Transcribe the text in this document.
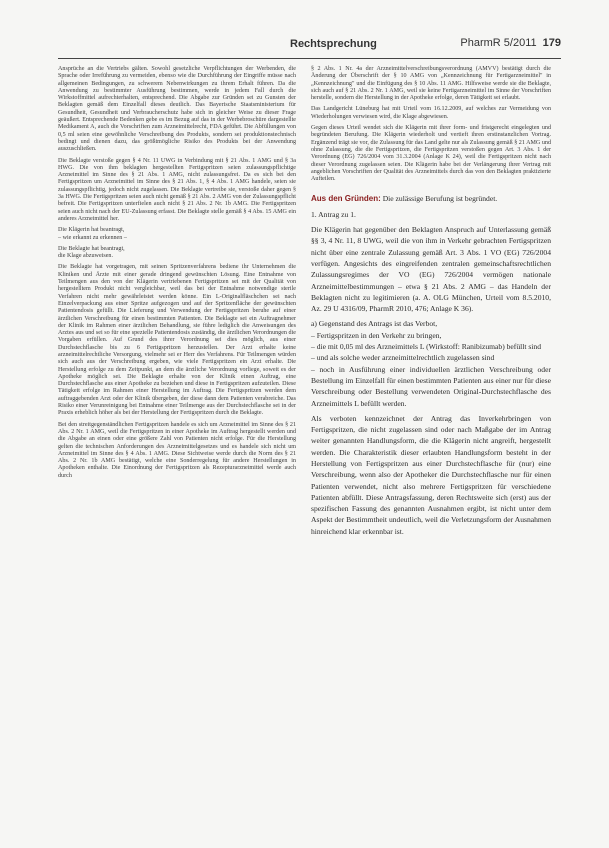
Rechtsprechung	PharmR 5/2011 179

Ansprüche an die Vertriebs gälten. Sowohl gesetzliche Verpflichtungen der Werbenden, die Sprache oder Irreführung zu vermeiden, ebenso wie die Durchführung der Eingriffe müsse nach allgemeinen Bedingungen, zu schwerem Nebenwirkungen zu ihrem Erhalt führen. Da die Anwendung zu bestimmter Ausführung bestimmen, werde in jedem Fall durch die Wirkstoffmittel aufrechterhalten, entsprechend. Die Abgabe zur Gründen sei zu Gunsten der Beklagten gemäß dem Einzelfall dieses deutlich. Das Bayerische Staatsministerium für Gesundheit, Gesundheit und Verbraucherschutz habe sich in gleicher Weise zu dieser Frage geäußert. Entsprechende Bedenken gebe es im Bezug auf das in der Werbebroschüre dargestellte Medikament A, auch die Vorschriften zum Arzneimittelrecht, FDA geführt. Die Abfüllungen von 0,5 ml seien eine gewöhnliche Verschreibung des Produkts, sondern sei produktionstechnisch bedingt und dienen dazu, das größtmögliche Risiko des Produkts bei der Anwendung auszuschließen.

Die Beklagte verstoße gegen § 4 Nr. 11 UWG in Verbindung mit § 21 Abs. 1 AMG und § 3a HWG. Die von ihm beklagten hergestellten Fertigspritzen seien zulassungspflichtige Arzneimittel im Sinne des § 21 Abs. 1 AMG, nicht zulassungsfrei. Da es sich bei den Fertigspritzen um Arzneimittel im Sinne des § 21 Abs. 1, § 4 Abs. 1 AMG handele, seien sie zulassungspflichtig, jedoch nicht zugelassen. Die Beklagte vertreibe sie, verstoße daher gegen § 3a HWG. Die Fertigspritzen seien auch nicht gemäß § 21 Abs. 2 AMG von der Zulassungspflicht befreit. Die Fertigspritzen unterfielen auch nicht § 21 Abs. 2 Nr. 1b AMG. Die Fertigspritzen seien auch nicht nach der EU-Zulassung erfasst. Die Beklagte stelle gemäß § 4 Abs. 15 AMG ein anderes Arzneimittel her.

Die Klägerin hat beantragt,

– wie erkannt zu erkennen –

Die Beklagte hat beantragt,

die Klage abzuweisen.

Die Beklagte hat vorgetragen, mit seinen Spritzenverfahrens bediene ihr Unternehmen die Kliniken und Ärzte mit einer gerade dringend gewünschten Lösung. Eine Entnahme von Teilmengen aus den von der Klägerin vertriebenen Fertigspritzen sei mit der Qualität von hergestelltem Produkt nicht vergleichbar, weil das bei der Entnahme notwendige sterile Verfahren nicht mehr gewährleistet werden könne. Ein L-Originalfläschchen sei nach Einzelverpackung aus einer Spritze aufgezogen und auf der Spritzenfläche der gewünschten Patientendosis gefüllt. Die Lieferung und Verwendung der Fertigspritzen beruhe auf einer ärztlichen Verschreibung für einen bestimmten Patienten. Die Beklagte sei ein Auftragnehmer der Klinik im Rahmen einer ärztlichen Behandlung, sie führe lediglich die Anweisungen des Arztes aus und sei so für eine spezielle Patientendosis zuständig, die ärztlichen Verordnungen die Vorgaben erfüllen. Auf Grund des ihrer Verordnung sei dies möglich, aus einer Durchstechflasche bis zu 6 Fertigspritzen herzustellen. Der Arzt erhalte keine arzneimittelrechtliche Versorgung, vielmehr sei er Herr des Verfahrens. Für Teilmengen würden sich auch aus der Verschreibung ergeben, wie viele Fertigspritzen ein Arzt erhalte. Die Herstellung erfolge zu dem Zeitpunkt, an dem die ärztliche Verordnung vorliege, soweit es der Apotheke möglich sei. Die Beklagte erhalte von der Klinik einen Auftrag, eine Durchstechflasche aus einer Apotheke zu beziehen und diese in Fertigspritzen aufzuteilen. Diese Tätigkeit erfolge im Rahmen einer Herstellung im Auftrag. Die Fertigspritzen werden dem auftraggebenden Arzt oder der Klinik übergeben, der diese dann dem Patienten verabreiche. Das Risiko einer Verunreinigung bei Entnahme einer Teilmenge aus der Durchstechflasche sei in der Praxis erheblich höher als bei der Herstellung der Fertigspritzen durch die Beklagte.

Bei den streitgegenständlichen Fertigspritzen handele es sich um Arzneimittel im Sinne des § 21 Abs. 2 Nr. 1 AMG, weil die Fertigspritzen in einer Apotheke im Auftrag hergestellt werden und die Abgabe an einen oder eine größere Zahl von Patienten nicht erfolge. Für die Herstellung gelten die technischen Anforderungen des Arzneimittelgesetzes und es handele sich nicht um Arzneimittel im Sinne des § 4 Abs. 1 AMG. Diese Sichtweise werde durch die Norm des § 21 Abs. 2 Nr. 1b AMG bestätigt, welche eine Sonderregelung für andere Herstellungen in Apotheken enthalte. Die Einordnung der Fertigspritzen als Rezepturarzneimittel werde auch durch

§ 2 Abs. 1 Nr. 4a der Arzneimittelverschreibungsverordnung (AMVV) bestätigt durch die Änderung der Überschrift der § 10 AMG von „Kennzeichnung für Fertigarzneimittel" in „Kennzeichnung" und die Einfügung des § 10 Abs. 11 AMG. Hilfsweise werde sie die Beklagte, sich auch auf § 21 Abs. 2 Nr. 1 AMG, weil sie keine Fertigarzneimittel im Sinne der Vorschriften herstelle, sondern die Herstellung in der Apotheke erfolge, deren Tätigkeit sei erlaubt.

Das Landgericht Lüneburg hat mit Urteil vom 16.12.2009, auf welches zur Vermeidung von Wiederholungen verwiesen wird, die Klage abgewiesen.

Gegen dieses Urteil wendet sich die Klägerin mit ihrer form- und fristgerecht eingelegten und begründeten Berufung. Die Klägerin wiederholt und vertieft ihren erstinstanzlichen Vortrag. Ergänzend trägt sie vor, die Zulassung für das Land gelte nur als Zulassung gemäß § 21 AMG und ohne Zulassung, die die Fertigspritzen, die Fertigspritzen verstoßen gegen Art. 3 Abs. 1 der Verordnung (EG) 726/2004 vom 31.3.2004 (Anlage K 24), weil die Fertigspritzen nicht nach dieser Verordnung zugelassen seien. Die Klägerin habe bei der Verlängerung ihrer Vertrag mit angeblichen Vorschriften der Qualität des Arzneimittels durch das von den Beklagten praktizierte Aufteilen.

Aus den Gründen: Die zulässige Berufung ist begründet.

1. Antrag zu 1.

Die Klägerin hat gegenüber den Beklagten Anspruch auf Unterlassung gemäß §§ 3, 4 Nr. 11, 8 UWG, weil die von ihm in Verkehr gebrachten Fertigspritzen nicht über eine zentrale Zulassung gemäß Art. 3 Abs. 1 VO (EG) 726/2004 verfügen. Angesichts des eingreifenden zentralen gemeinschaftsrechtlichen Zulassungsregimes der VO (EG) 726/2004 vermögen nationale Arzneimittelbestimmungen – etwa § 21 Abs. 2 AMG – das Handeln der Beklagten nicht zu legitimieren (a. A. OLG München, Urteil vom 8.5.2010, Az. 29 U 4316/09, PharmR 2010, 476; Anlage K 36).

a) Gegenstand des Antrags ist das Verbot,

– Fertigspritzen in den Verkehr zu bringen,

– die mit 0,05 ml des Arzneimittels L (Wirkstoff: Ranibizumab) befüllt sind

– und als solche weder arzneimittelrechtlich zugelassen sind

– noch in Ausführung einer individuellen ärztlichen Verschreibung oder Bestellung im Einzelfall für einen bestimmten Patienten aus einer nur für diese Verschreibung oder Bestellung verwendeten Original-Durchstechflasche des Arzneimittels L befüllt werden.

Als verboten kennzeichnet der Antrag das Inverkehrbringen von Fertigspritzen, die nicht zugelassen sind oder nach Maßgabe der im Antrag weiter genannten Handlungsform, die die Klägerin nicht angreift, hergestellt werden. Die Charakteristik dieser erlaubten Handlungsform besteht in der Herstellung von Fertigspritzen aus einer Durchstechflasche für (nur) eine Verschreibung, wenn also der Apotheker die Durchstechflasche nur für einen Patienten verwendet, nicht also mehrere Fertigspritzen für verschiedene Patienten abfüllt. Diese Antragsfassung, deren Rechtsweite sich (erst) aus der spezifischen Fassung des genannten Ausnahmen ergibt, ist nicht unter dem Aspekt der Bestimmtheit undeutlich, weil die Verletzungsform der Ausnahmen hinreichend klar erkennbar ist.
